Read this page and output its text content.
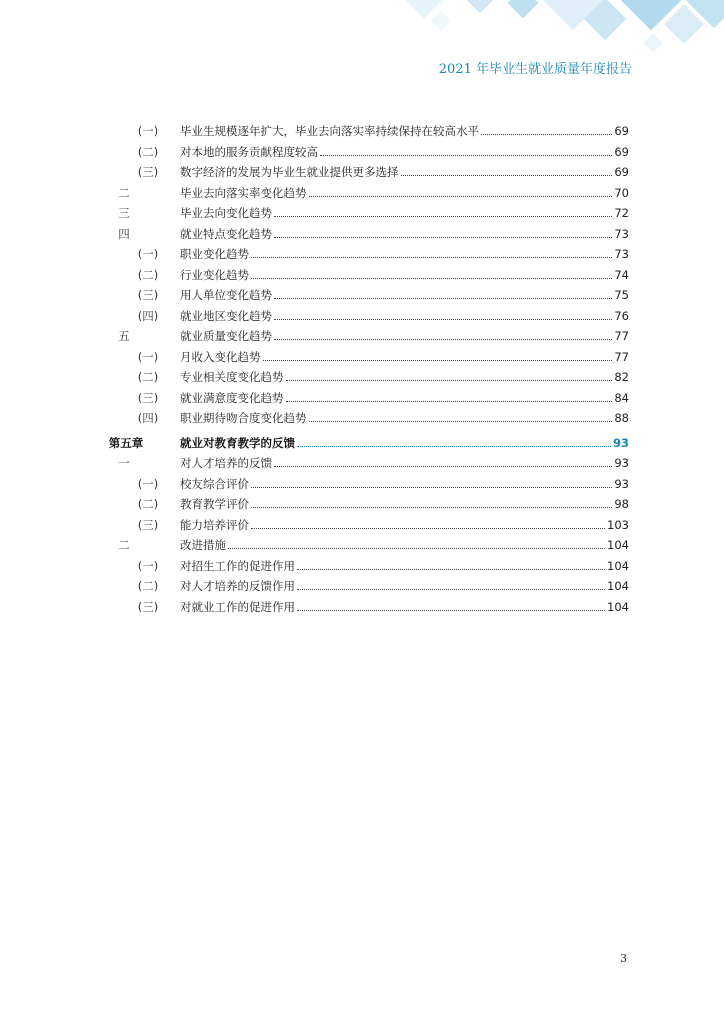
2021 年毕业生就业质量年度报告
(一)	毕业生规模逐年扩大，毕业去向落实率持续保持在较高水平	69
(二)	对本地的服务贡献程度较高	69
(三)	数字经济的发展为毕业生就业提供更多选择	69
二	毕业去向落实率变化趋势	70
三	毕业去向变化趋势	72
四	就业特点变化趋势	73
(一)	职业变化趋势	73
(二)	行业变化趋势	74
(三)	用人单位变化趋势	75
(四)	就业地区变化趋势	76
五	就业质量变化趋势	77
(一)	月收入变化趋势	77
(二)	专业相关度变化趋势	82
(三)	就业满意度变化趋势	84
(四)	职业期待吻合度变化趋势	88
第五章	就业对教育教学的反馈	93
一	对人才培养的反馈	93
(一)	校友综合评价	93
(二)	教育教学评价	98
(三)	能力培养评价	103
二	改进措施	104
(一)	对招生工作的促进作用	104
(二)	对人才培养的反馈作用	104
(三)	对就业工作的促进作用	104
3
